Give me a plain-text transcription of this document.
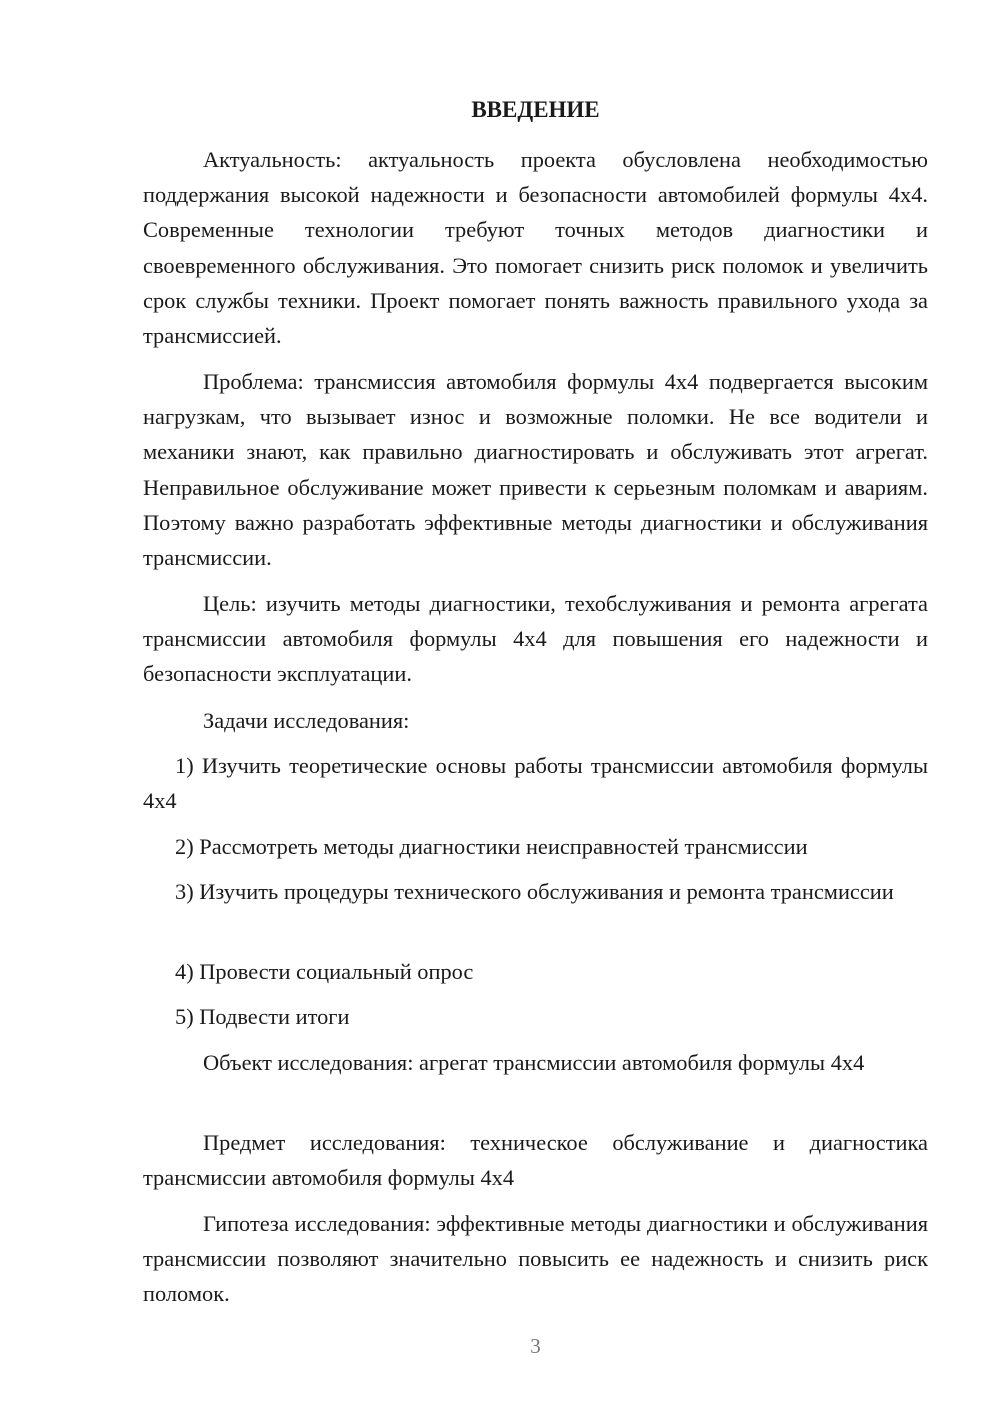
ВВЕДЕНИЕ

Актуальность: актуальность проекта обусловлена необходимостью поддержания высокой надежности и безопасности автомобилей формулы 4x4. Современные технологии требуют точных методов диагностики и своевременного обслуживания. Это помогает снизить риск поломок и увеличить срок службы техники. Проект помогает понять важность правильного ухода за трансмиссией.

Проблема: трансмиссия автомобиля формулы 4x4 подвергается высоким нагрузкам, что вызывает износ и возможные поломки. Не все водители и механики знают, как правильно диагностировать и обслуживать этот агрегат. Неправильное обслуживание может привести к серьезным поломкам и авариям. Поэтому важно разработать эффективные методы диагностики и обслуживания трансмиссии.

Цель: изучить методы диагностики, техобслуживания и ремонта агрегата трансмиссии автомобиля формулы 4x4 для повышения его надежности и безопасности эксплуатации.

Задачи исследования:

1) Изучить теоретические основы работы трансмиссии автомобиля формулы 4x4

2) Рассмотреть методы диагностики неисправностей трансмиссии

3) Изучить процедуры технического обслуживания и ремонта трансмиссии

4) Провести социальный опрос

5) Подвести итоги

Объект исследования: агрегат трансмиссии автомобиля формулы 4x4

Предмет исследования: техническое обслуживание и диагностика трансмиссии автомобиля формулы 4x4

Гипотеза исследования: эффективные методы диагностики и обслуживания трансмиссии позволяют значительно повысить ее надежность и снизить риск поломок.

3
